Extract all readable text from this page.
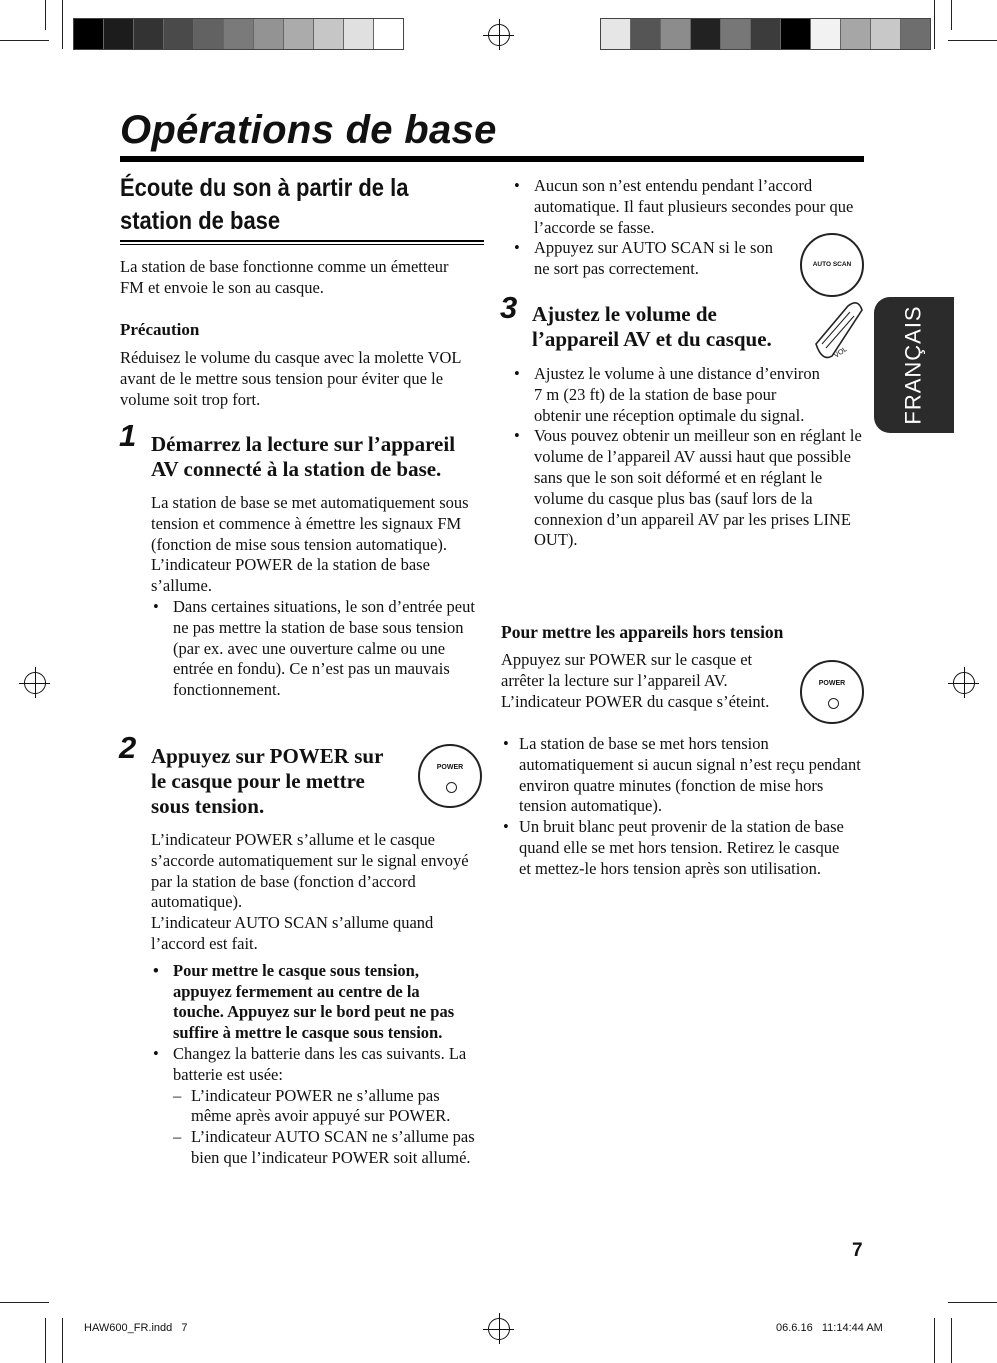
Opérations de base
Écoute du son à partir de la station de base
FRANÇAIS
La station de base fonctionne comme un émetteur FM et envoie le son au casque.
Précaution
Réduisez le volume du casque avec la molette VOL avant de le mettre sous tension pour éviter que le volume soit trop fort.
1 Démarrez la lecture sur l’appareil AV connecté à la station de base.
La station de base se met automatiquement sous tension et commence à émettre les signaux FM (fonction de mise sous tension automatique).
L’indicateur POWER de la station de base s’allume.
• Dans certaines situations, le son d’entrée peut ne pas mettre la station de base sous tension (par ex. avec une ouverture calme ou une entrée en fondu). Ce n’est pas un mauvais fonctionnement.
2 Appuyez sur POWER sur le casque pour le mettre sous tension.
POWER
L’indicateur POWER s’allume et le casque s’accorde automatiquement sur le signal envoyé par la station de base (fonction d’accord automatique).
L’indicateur AUTO SCAN s’allume quand l’accord est fait.
• Pour mettre le casque sous tension, appuyez fermement au centre de la touche. Appuyez sur le bord peut ne pas suffire à mettre le casque sous tension.
• Changez la batterie dans les cas suivants. La batterie est usée:
– L’indicateur POWER ne s’allume pas même après avoir appuyé sur POWER.
– L’indicateur AUTO SCAN ne s’allume pas bien que l’indicateur POWER soit allumé.
• Aucun son n’est entendu pendant l’accord automatique. Il faut plusieurs secondes pour que l’accorde se fasse.
• Appuyez sur AUTO SCAN si le son ne sort pas correctement.	AUTO SCAN
3 Ajustez le volume de l’appareil AV et du casque.
VOL
• Ajustez le volume à une distance d’environ 7 m (23 ft) de la station de base pour obtenir une réception optimale du signal.
• Vous pouvez obtenir un meilleur son en réglant le volume de l’appareil AV aussi haut que possible sans que le son soit déformé et en réglant le volume du casque plus bas (sauf lors de la connexion d’un appareil AV par les prises LINE OUT).
Pour mettre les appareils hors tension
Appuyez sur POWER sur le casque et arrêter la lecture sur l’appareil AV. L’indicateur POWER du casque s’éteint.
POWER
• La station de base se met hors tension automatiquement si aucun signal n’est reçu pendant environ quatre minutes (fonction de mise hors tension automatique).
• Un bruit blanc peut provenir de la station de base quand elle se met hors tension. Retirez le casque et mettez-le hors tension après son utilisation.
7
HAW600_FR.indd   7	06.6.16   11:14:44 AM
